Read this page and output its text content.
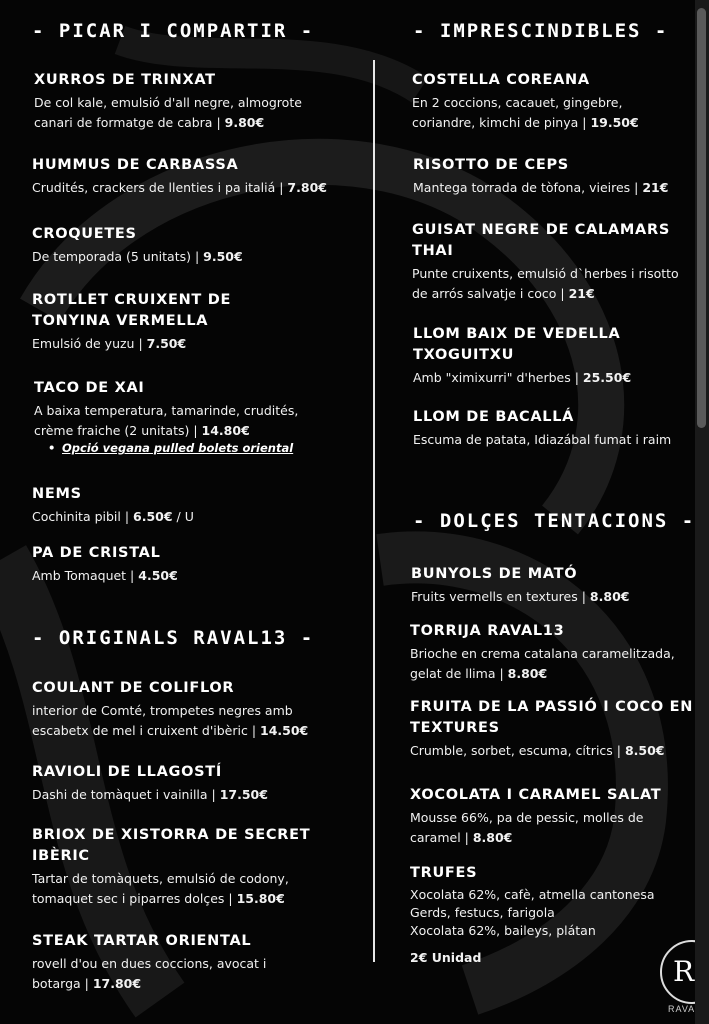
- PICAR I COMPARTIR -
XURROS DE TRINXAT
De col kale, emulsió d'all negre, almogrote
canari de formatge de cabra | 9.80€
HUMMUS DE CARBASSA
Crudités, crackers de llenties i pa italiá | 7.80€
CROQUETES
De temporada (5 unitats) | 9.50€
ROTLLET CRUIXENT DE
TONYINA VERMELLA
Emulsió de yuzu | 7.50€
TACO DE XAI
A baixa temperatura, tamarinde, crudités,
crème fraiche (2 unitats) | 14.80€
• Opció vegana pulled bolets oriental
NEMS
Cochinita pibil | 6.50€ / U
PA DE CRISTAL
Amb Tomaquet | 4.50€
- ORIGINALS RAVAL13 -
COULANT DE COLIFLOR
interior de Comté, trompetes negres amb
escabetx de mel i cruixent d'ibèric | 14.50€
RAVIOLI DE LLAGOSTÍ
Dashi de tomàquet i vainilla | 17.50€
BRIOX DE XISTORRA DE SECRET
IBÈRIC
Tartar de tomàquets, emulsió de codony,
tomaquet sec i piparres dolçes | 15.80€
STEAK TARTAR ORIENTAL
rovell d'ou en dues coccions, avocat i
botarga | 17.80€
- IMPRESCINDIBLES -
COSTELLA COREANA
En 2 coccions, cacauet, gingebre,
coriandre, kimchi de pinya | 19.50€
RISOTTO DE CEPS
Mantega torrada de tòfona, vieires | 21€
GUISAT NEGRE DE CALAMARS
THAI
Punte cruixents, emulsió d`herbes i risotto
de arrós salvatje i coco | 21€
LLOM BAIX DE VEDELLA
TXOGUITXU
Amb "ximixurri" d'herbes | 25.50€
LLOM DE BACALLÁ
Escuma de patata, Idiazábal fumat i raim
- DOLÇES TENTACIONS -
BUNYOLS DE MATÓ
Fruits vermells en textures | 8.80€
TORRIJA RAVAL13
Brioche en crema catalana caramelitzada,
gelat de llima | 8.80€
FRUITA DE LA PASSIÓ I COCO EN
TEXTURES
Crumble, sorbet, escuma, cítrics | 8.50€
XOCOLATA I CARAMEL SALAT
Mousse 66%, pa de pessic, molles de
caramel | 8.80€
TRUFES
Xocolata 62%, cafè, atmella cantonesa
Gerds, festucs, farigola
Xocolata 62%, baileys, plátan
2€ Unidad	R
RAVA
